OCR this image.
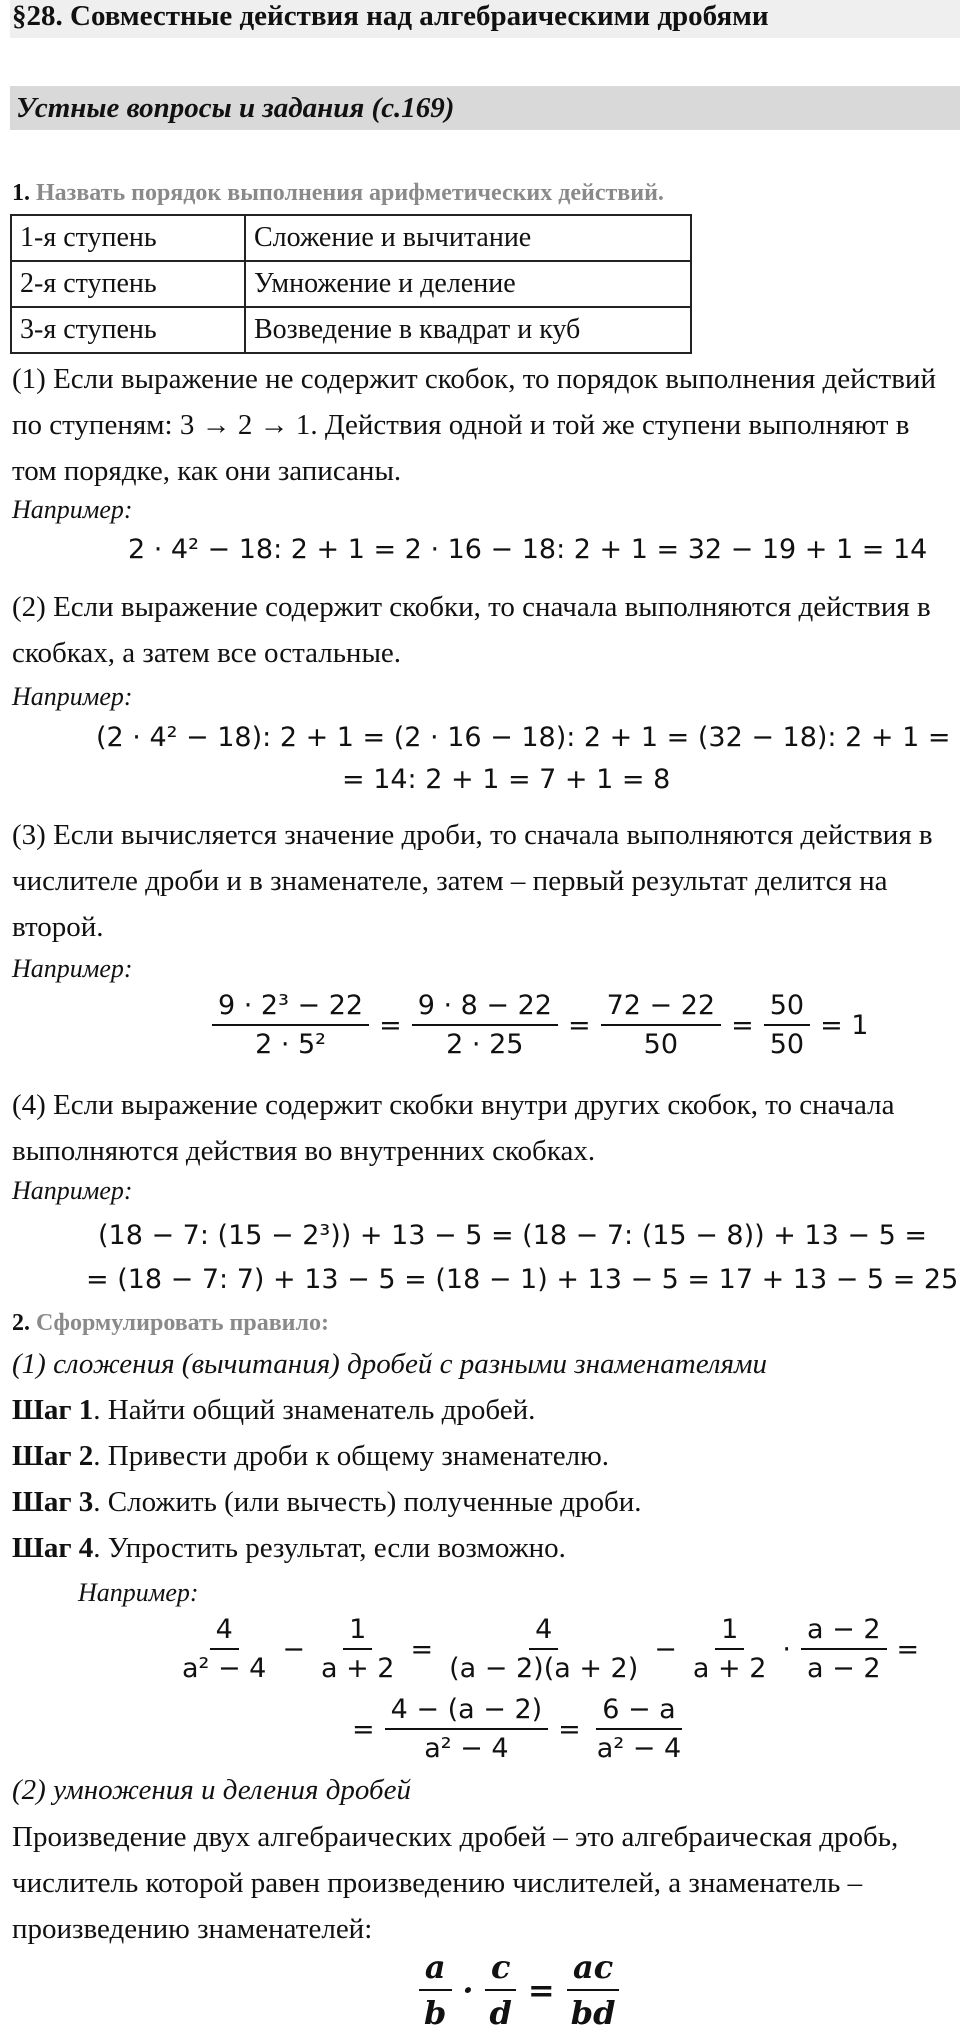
§28. Совместные действия над алгебраическими дробями
Устные вопросы и задания (с.169)
1. Назвать порядок выполнения арифметических действий.
1-я ступень	Сложение и вычитание
2-я ступень	Умножение и деление
3-я ступень	Возведение в квадрат и куб
(1) Если выражение не содержит скобок, то порядок выполнения действий по ступеням: 3 → 2 → 1. Действия одной и той же ступени выполняют в том порядке, как они записаны.
Например:
2 · 4² − 18: 2 + 1 = 2 · 16 − 18: 2 + 1 = 32 − 19 + 1 = 14
(2) Если выражение содержит скобки, то сначала выполняются действия в скобках, а затем все остальные.
Например:
(2 · 4² − 18): 2 + 1 = (2 · 16 − 18): 2 + 1 = (32 − 18): 2 + 1 =
= 14: 2 + 1 = 7 + 1 = 8
(3) Если вычисляется значение дроби, то сначала выполняются действия в числителе дроби и в знаменателе, затем – первый результат делится на второй.
Например:
$\frac{\text{9 · 2³ − 22}}{\text{2 · 5²}} = \frac{9 \cdot 8 - 22}{2 \cdot 25} = \frac{72 - 22}{50} = \frac{50}{50} = 1$
(4) Если выражение содержит скобки внутри других скобок, то сначала выполняются действия во внутренних скобках.
Например:
(18 − 7: (15 − 2³)) + 13 − 5 = (18 − 7: (15 − 8)) + 13 − 5 =
= (18 − 7: 7) + 13 − 5 = (18 − 1) + 13 − 5 = 17 + 13 − 5 = 25
2. Сформулировать правило:
(1) сложения (вычитания) дробей с разными знаменателями
Шаг 1. Найти общий знаменатель дробей.
Шаг 2. Привести дроби к общему знаменателю.
Шаг 3. Сложить (или вычесть) полученные дроби.
Шаг 4. Упростить результат, если возможно.
Например:
$\frac{4}{\text{a² − 4}} - \frac{1}{a + 2} = \frac{4}{(a - 2)(a + 2)} - \frac{1}{a + 2} \cdot \frac{a - 2}{a - 2}$ =
= $\frac{4 - (a - 2)}{\text{a² − 4}} = \frac{6 - a}{\text{a² − 4}}$
(2) умножения и деления дробей
Произведение двух алгебраических дробей – это алгебраическая дробь, числитель которой равен произведению числителей, а знаменатель – произведению знаменателей:
$\frac{a}{b} \cdot \frac{c}{d} = \frac{ac}{bd}$
